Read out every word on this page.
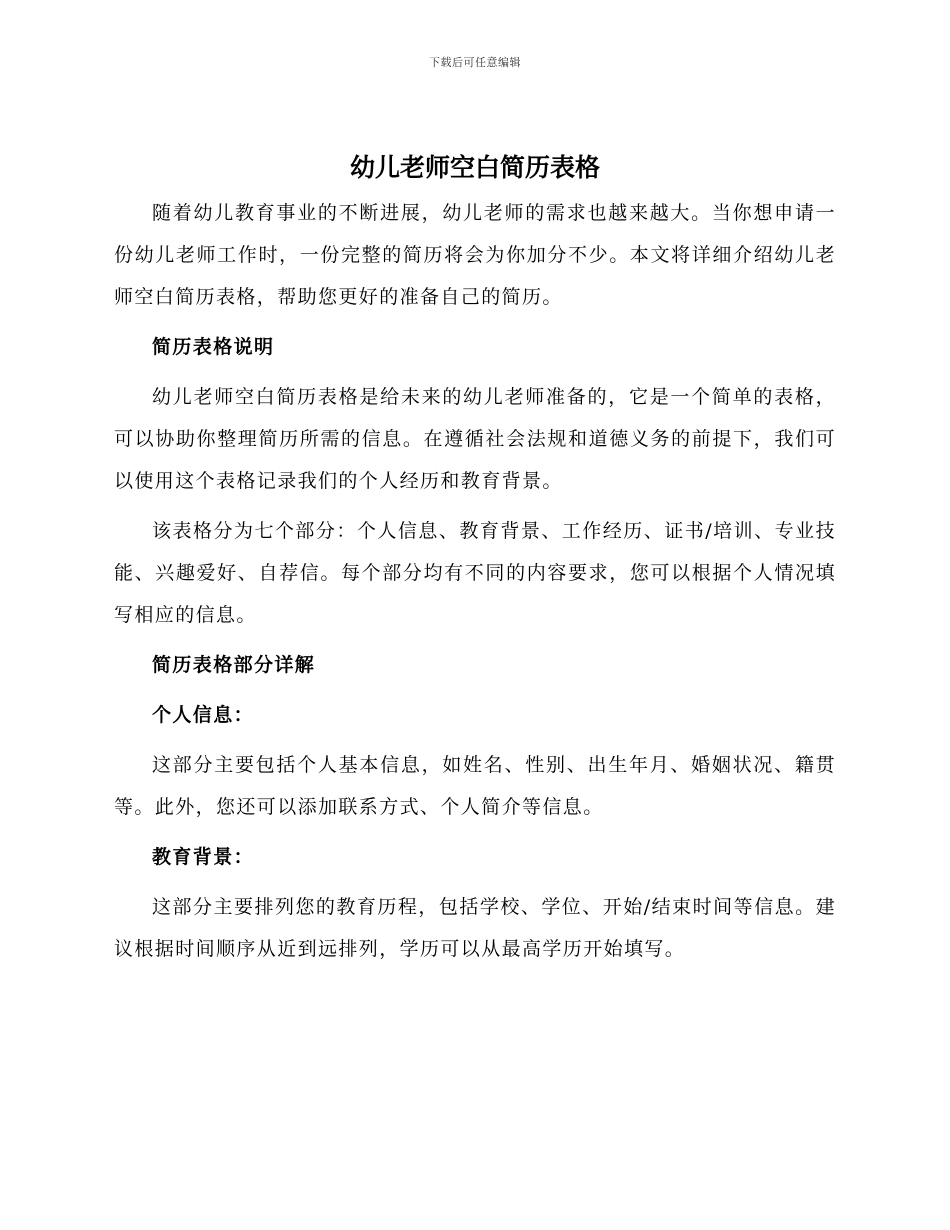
下载后可任意编辑
幼儿老师空白简历表格

随着幼儿教育事业的不断进展，幼儿老师的需求也越来越大。当你想申请一份幼儿老师工作时，一份完整的简历将会为你加分不少。本文将详细介绍幼儿老师空白简历表格，帮助您更好的准备自己的简历。

简历表格说明

幼儿老师空白简历表格是给未来的幼儿老师准备的，它是一个简单的表格，可以协助你整理简历所需的信息。在遵循社会法规和道德义务的前提下，我们可以使用这个表格记录我们的个人经历和教育背景。

该表格分为七个部分：个人信息、教育背景、工作经历、证书/培训、专业技能、兴趣爱好、自荐信。每个部分均有不同的内容要求，您可以根据个人情况填写相应的信息。

简历表格部分详解

个人信息：

这部分主要包括个人基本信息，如姓名、性别、出生年月、婚姻状况、籍贯等。此外，您还可以添加联系方式、个人简介等信息。

教育背景：

这部分主要排列您的教育历程，包括学校、学位、开始/结束时间等信息。建议根据时间顺序从近到远排列，学历可以从最高学历开始填写。
